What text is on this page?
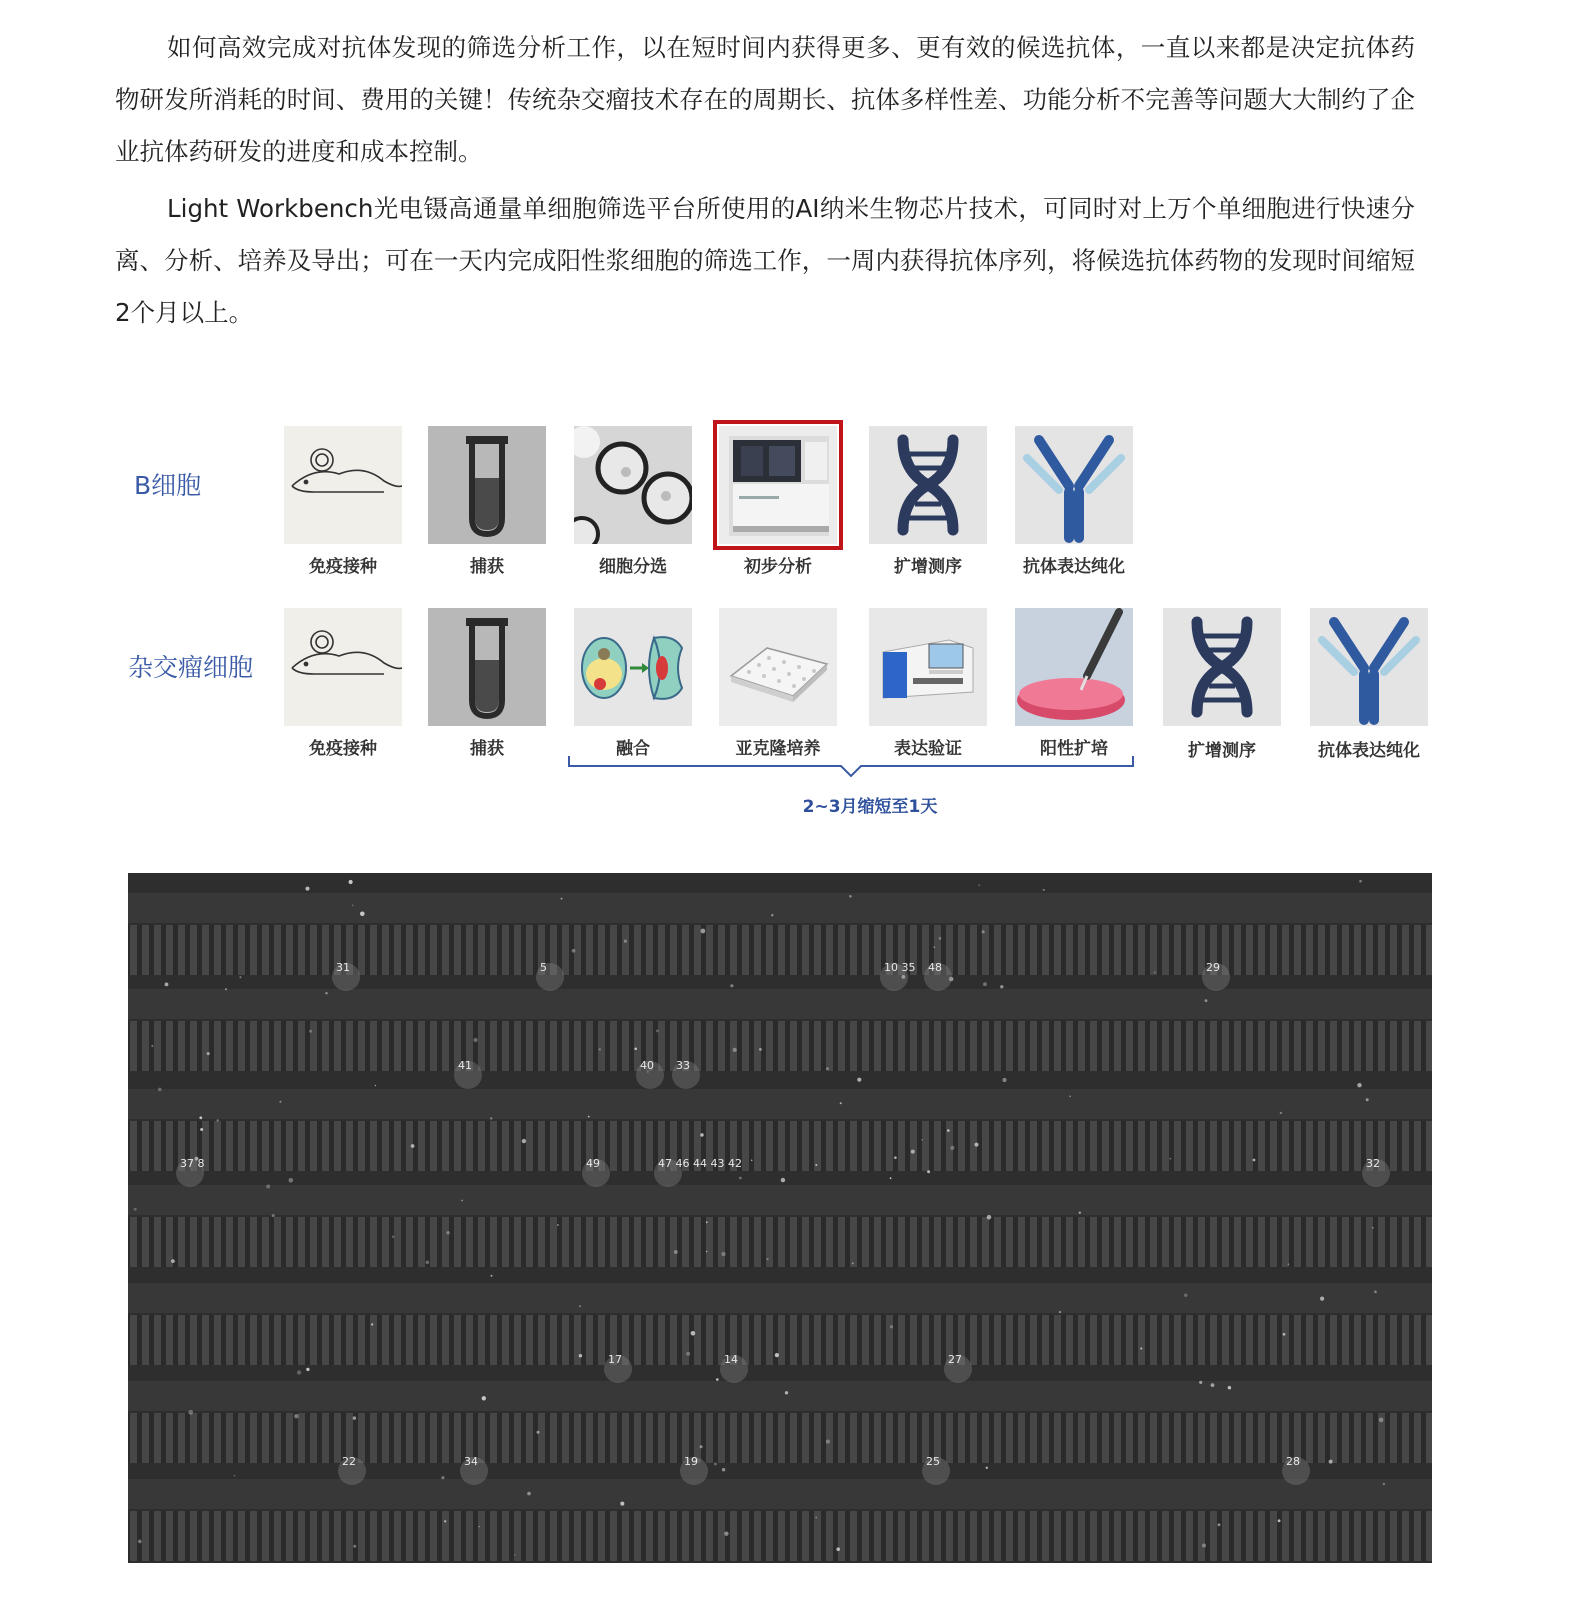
如何高效完成对抗体发现的筛选分析工作，以在短时间内获得更多、更有效的候选抗体，一直以来都是决定抗体药物研发所消耗的时间、费用的关键！传统杂交瘤技术存在的周期长、抗体多样性差、功能分析不完善等问题大大制约了企业抗体药研发的进度和成本控制。

Light Workbench光电镊高通量单细胞筛选平台所使用的AI纳米生物芯片技术，可同时对上万个单细胞进行快速分离、分析、培养及导出；可在一天内完成阳性浆细胞的筛选工作，一周内获得抗体序列，将候选抗体药物的发现时间缩短2个月以上。

B细胞
杂交瘤细胞
免疫接种	捕获	细胞分选	初步分析	扩增测序	抗体表达纯化
免疫接种	捕获	融合	亚克隆培养	表达验证	阳性扩培	扩增测序	抗体表达纯化
2~3月缩短至1天
31	5	10 35 48	29
41	40 33
37 8	49	47 46 44 43 42	32
17	14	27
22	34	19	25	28
